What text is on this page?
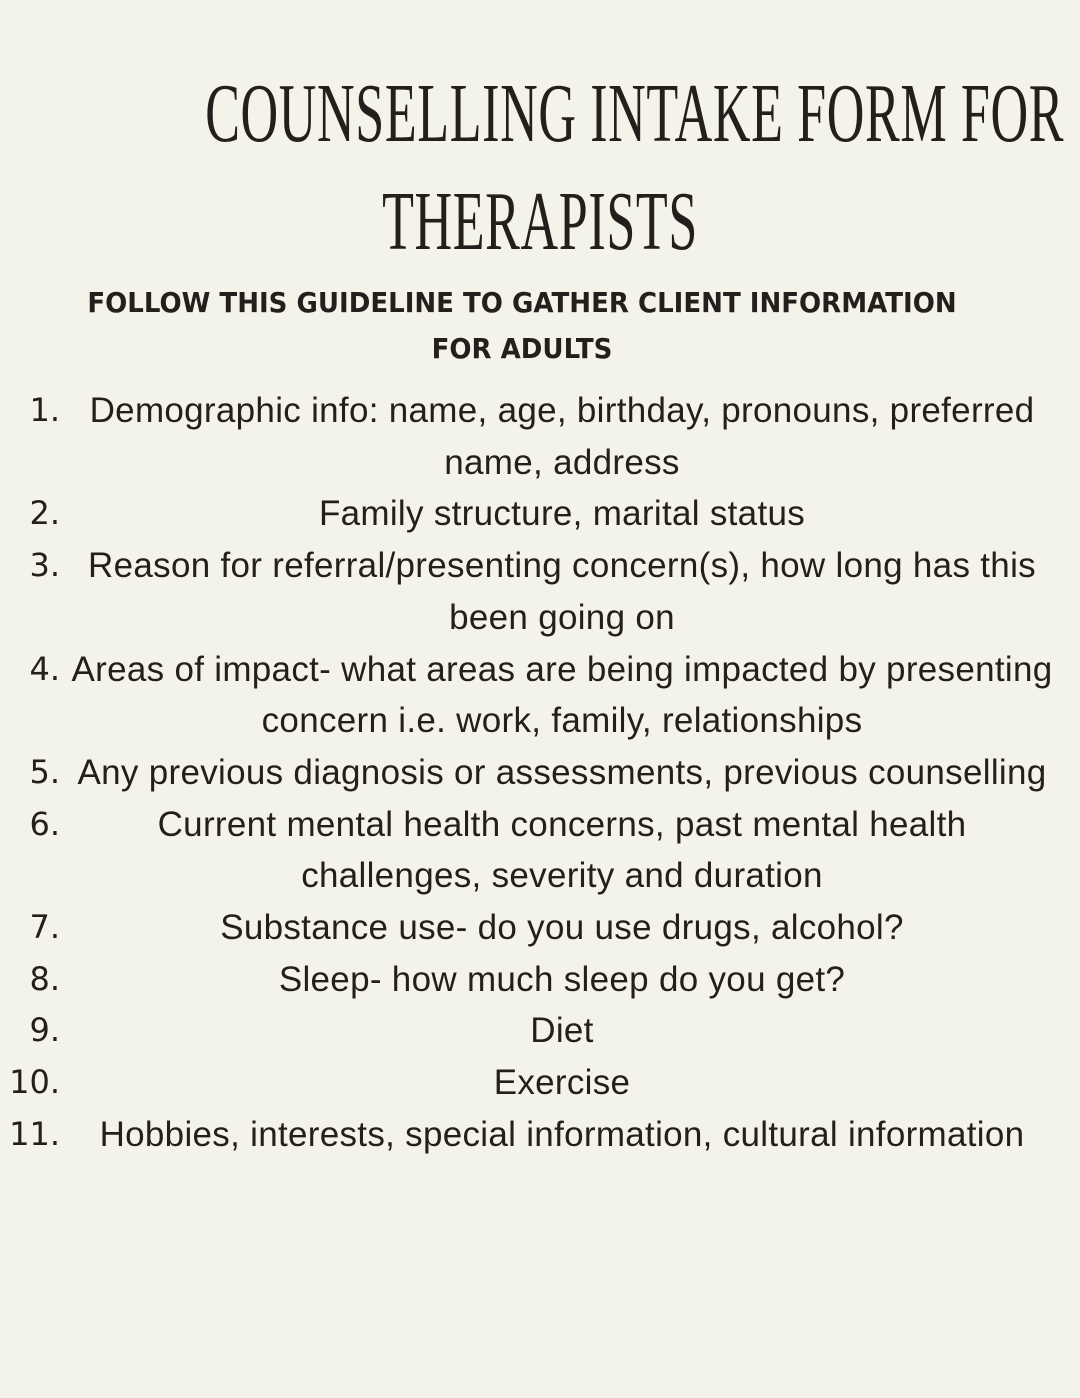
COUNSELLING INTAKE FORM FOR
THERAPISTS

FOLLOW THIS GUIDELINE TO GATHER CLIENT INFORMATION FOR ADULTS

1. Demographic info: name, age, birthday, pronouns, preferred name, address
2.	Family structure, marital status
3. Reason for referral/presenting concern(s), how long has this been going on
4. Areas of impact- what areas are being impacted by presenting concern i.e. work, family, relationships
5. Any previous diagnosis or assessments, previous counselling
6.	Current mental health concerns, past mental health challenges, severity and duration
7.	Substance use- do you use drugs, alcohol?
8.	Sleep- how much sleep do you get?
9.	Diet
10.	Exercise
11.	Hobbies, interests, special information, cultural information
